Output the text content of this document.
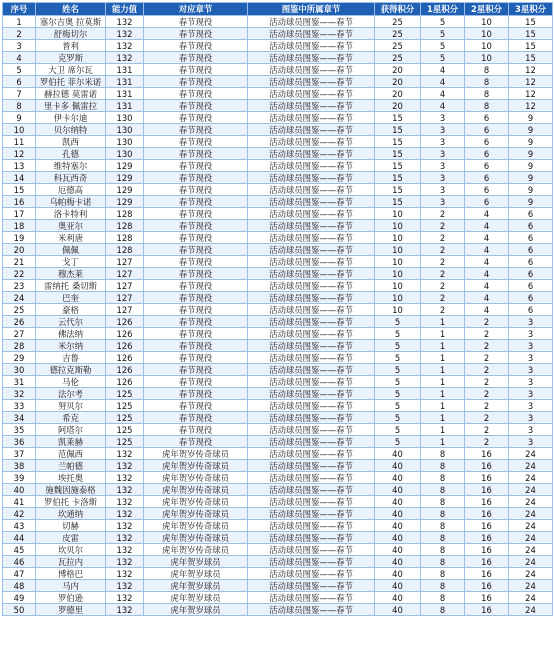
序号	姓名	能力值	对应章节	图鉴中所属章节	获得积分	1星积分	2星积分	3星积分
1	塞尔吉奥 拉莫斯	132	春节现役	活动球员图鉴——春节	25	5	10	15
2	舒梅切尔	132	春节现役	活动球员图鉴——春节	25	5	10	15
3	普利	132	春节现役	活动球员图鉴——春节	25	5	10	15
4	克罗斯	132	春节现役	活动球员图鉴——春节	25	5	10	15
5	大卫 席尔瓦	131	春节现役	活动球员图鉴——春节	20	4	8	12
6	罗伯托 菲尔米诺	131	春节现役	活动球员图鉴——春节	20	4	8	12
7	赫拉德 莫雷诺	131	春节现役	活动球员图鉴——春节	20	4	8	12
8	里卡多 佩雷拉	131	春节现役	活动球员图鉴——春节	20	4	8	12
9	伊卡尔迪	130	春节现役	活动球员图鉴——春节	15	3	6	9
10	贝尔纳特	130	春节现役	活动球员图鉴——春节	15	3	6	9
11	凯西	130	春节现役	活动球员图鉴——春节	15	3	6	9
12	孔德	130	春节现役	活动球员图鉴——春节	15	3	6	9
13	维特塞尔	129	春节现役	活动球员图鉴——春节	15	3	6	9
14	科瓦西奇	129	春节现役	活动球员图鉴——春节	15	3	6	9
15	厄德高	129	春节现役	活动球员图鉴——春节	15	3	6	9
16	乌帕梅卡诺	129	春节现役	活动球员图鉴——春节	15	3	6	9
17	洛卡特利	128	春节现役	活动球员图鉴——春节	10	2	4	6
18	奥亚尔	128	春节现役	活动球员图鉴——春节	10	2	4	6
19	米利唐	128	春节现役	活动球员图鉴——春节	10	2	4	6
20	佩佩	128	春节现役	活动球员图鉴——春节	10	2	4	6
21	戈丁	127	春节现役	活动球员图鉴——春节	10	2	4	6
22	穆杰莱	127	春节现役	活动球员图鉴——春节	10	2	4	6
23	雷纳托 桑切斯	127	春节现役	活动球员图鉴——春节	10	2	4	6
24	巴奎	127	春节现役	活动球员图鉴——春节	10	2	4	6
25	豪格	127	春节现役	活动球员图鉴——春节	10	2	4	6
26	云代尔	126	春节现役	活动球员图鉴——春节	5	1	2	3
27	佛法纳	126	春节现役	活动球员图鉴——春节	5	1	2	3
28	米尔纳	126	春节现役	活动球员图鉴——春节	5	1	2	3
29	吉鲁	126	春节现役	活动球员图鉴——春节	5	1	2	3
30	德拉克斯勒	126	春节现役	活动球员图鉴——春节	5	1	2	3
31	马伦	126	春节现役	活动球员图鉴——春节	5	1	2	3
32	法尔考	125	春节现役	活动球员图鉴——春节	5	1	2	3
33	努贝尔	125	春节现役	活动球员图鉴——春节	5	1	2	3
34	希克	125	春节现役	活动球员图鉴——春节	5	1	2	3
35	阿塔尔	125	春节现役	活动球员图鉴——春节	5	1	2	3
36	凯莱赫	125	春节现役	活动球员图鉴——春节	5	1	2	3
37	范佩西	132	虎年贺岁传奇球员	活动球员图鉴——春节	40	8	16	24
38	兰帕德	132	虎年贺岁传奇球员	活动球员图鉴——春节	40	8	16	24
39	埃托奥	132	虎年贺岁传奇球员	活动球员图鉴——春节	40	8	16	24
40	施魏因施泰格	132	虎年贺岁传奇球员	活动球员图鉴——春节	40	8	16	24
41	罗伯托 卡洛斯	132	虎年贺岁传奇球员	活动球员图鉴——春节	40	8	16	24
42	坎通纳	132	虎年贺岁传奇球员	活动球员图鉴——春节	40	8	16	24
43	切赫	132	虎年贺岁传奇球员	活动球员图鉴——春节	40	8	16	24
44	皮雷	132	虎年贺岁传奇球员	活动球员图鉴——春节	40	8	16	24
45	坎贝尔	132	虎年贺岁传奇球员	活动球员图鉴——春节	40	8	16	24
46	瓦拉内	132	虎年贺岁球员	活动球员图鉴——春节	40	8	16	24
47	博格巴	132	虎年贺岁球员	活动球员图鉴——春节	40	8	16	24
48	马内	132	虎年贺岁球员	活动球员图鉴——春节	40	8	16	24
49	罗伯逊	132	虎年贺岁球员	活动球员图鉴——春节	40	8	16	24
50	罗德里	132	虎年贺岁球员	活动球员图鉴——春节	40	8	16	24
